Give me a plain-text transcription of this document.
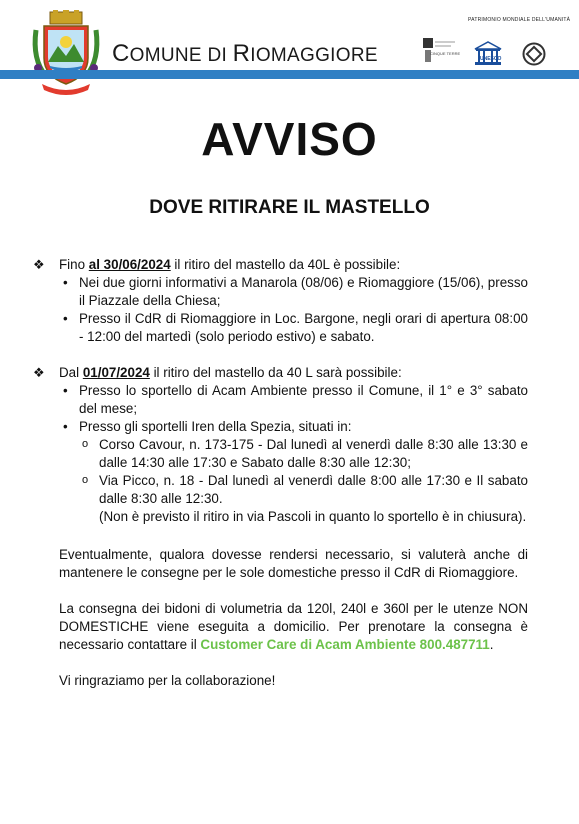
COMUNE DI RIOMAGGIORE
PATRIMONIO MONDIALE DELL'UMANITÀ
CINQUE TERRE
UNESCO
AVVISO
DOVE RITIRARE IL MASTELLO
❖ Fino al 30/06/2024 il ritiro del mastello da 40L è possibile:
• Nei due giorni informativi a Manarola (08/06) e Riomaggiore (15/06), presso il Piazzale della Chiesa;
• Presso il CdR di Riomaggiore in Loc. Bargone, negli orari di apertura 08:00 - 12:00 del martedì (solo periodo estivo) e sabato.
❖ Dal 01/07/2024 il ritiro del mastello da 40 L sarà possibile:
• Presso lo sportello di Acam Ambiente presso il Comune, il 1° e 3° sabato del mese;
• Presso gli sportelli Iren della Spezia, situati in:
o Corso Cavour, n. 173-175 - Dal lunedì al venerdì dalle 8:30 alle 13:30 e dalle 14:30 alle 17:30 e Sabato dalle 8:30 alle 12:30;
o Via Picco, n. 18 - Dal lunedì al venerdì dalle 8:00 alle 17:30 e Il sabato dalle 8:30 alle 12:30.
(Non è previsto il ritiro in via Pascoli in quanto lo sportello è in chiusura).
Eventualmente, qualora dovesse rendersi necessario, si valuterà anche di mantenere le consegne per le sole domestiche presso il CdR di Riomaggiore.
La consegna dei bidoni di volumetria da 120l, 240l e 360l per le utenze NON DOMESTICHE viene eseguita a domicilio. Per prenotare la consegna è necessario contattare il Customer Care di Acam Ambiente 800.487711.
Vi ringraziamo per la collaborazione!
